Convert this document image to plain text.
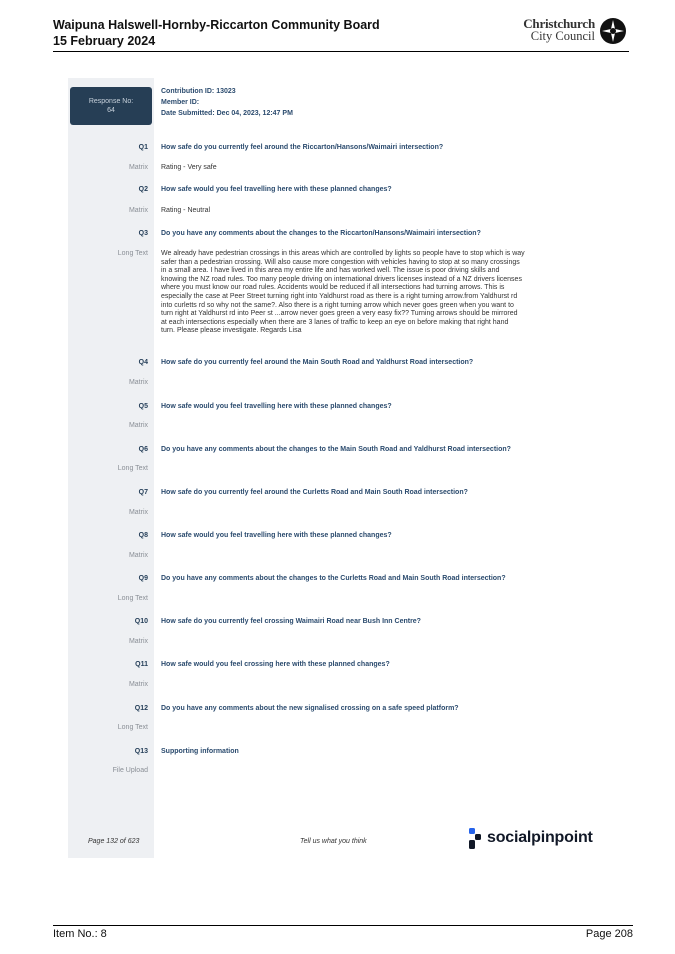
Waipuna Halswell-Hornby-Riccarton Community Board
15 February 2024
Christchurch
City Council
Response No:
64
Contribution ID: 13023
Member ID:
Date Submitted: Dec 04, 2023, 12:47 PM
Q1 How safe do you currently feel around the Riccarton/Hansons/Waimairi intersection?
Matrix Rating - Very safe
Q2 How safe would you feel travelling here with these planned changes?
Matrix Rating - Neutral
Q3 Do you have any comments about the changes to the Riccarton/Hansons/Waimairi intersection?
Long Text We already have pedestrian crossings in this areas which are controlled by lights so people have to stop which is way
safer than a pedestrian crossing. Will also cause more congestion with vehicles having to stop at so many crossings
in a small area. I have lived in this area my entire life and has worked well. The issue is poor driving skills and
knowing the NZ road rules. Too many people driving on international drivers licenses instead of a NZ drivers licenses
where you must know our road rules. Accidents would be reduced if all intersections had turning arrows. This is
especially the case at Peer Street turning right into Yaldhurst road as there is a right turning arrow.from Yaldhurst rd
into curletts rd so why not the same?. Also there is a right turning arrow which never goes green when you want to
turn right at Yaldhurst rd into Peer st ...arrow never goes green a very easy fix?? Turning arrows should be mirrored
at each intersections especially when there are 3 lanes of traffic to keep an eye on before making that right hand
turn. Please please investigate. Regards Lisa
Q4 How safe do you currently feel around the Main South Road and Yaldhurst Road intersection?
Matrix
Q5 How safe would you feel travelling here with these planned changes?
Matrix
Q6 Do you have any comments about the changes to the Main South Road and Yaldhurst Road intersection?
Long Text
Q7 How safe do you currently feel around the Curletts Road and Main South Road intersection?
Matrix
Q8 How safe would you feel travelling here with these planned changes?
Matrix
Q9 Do you have any comments about the changes to the Curletts Road and Main South Road intersection?
Long Text
Q10 How safe do you currently feel crossing Waimairi Road near Bush Inn Centre?
Matrix
Q11 How safe would you feel crossing here with these planned changes?
Matrix
Q12 Do you have any comments about the new signalised crossing on a safe speed platform?
Long Text
Q13 Supporting information
File Upload
Page 132 of 623	Tell us what you think	socialpinpoint
Item No.: 8	Page 208
